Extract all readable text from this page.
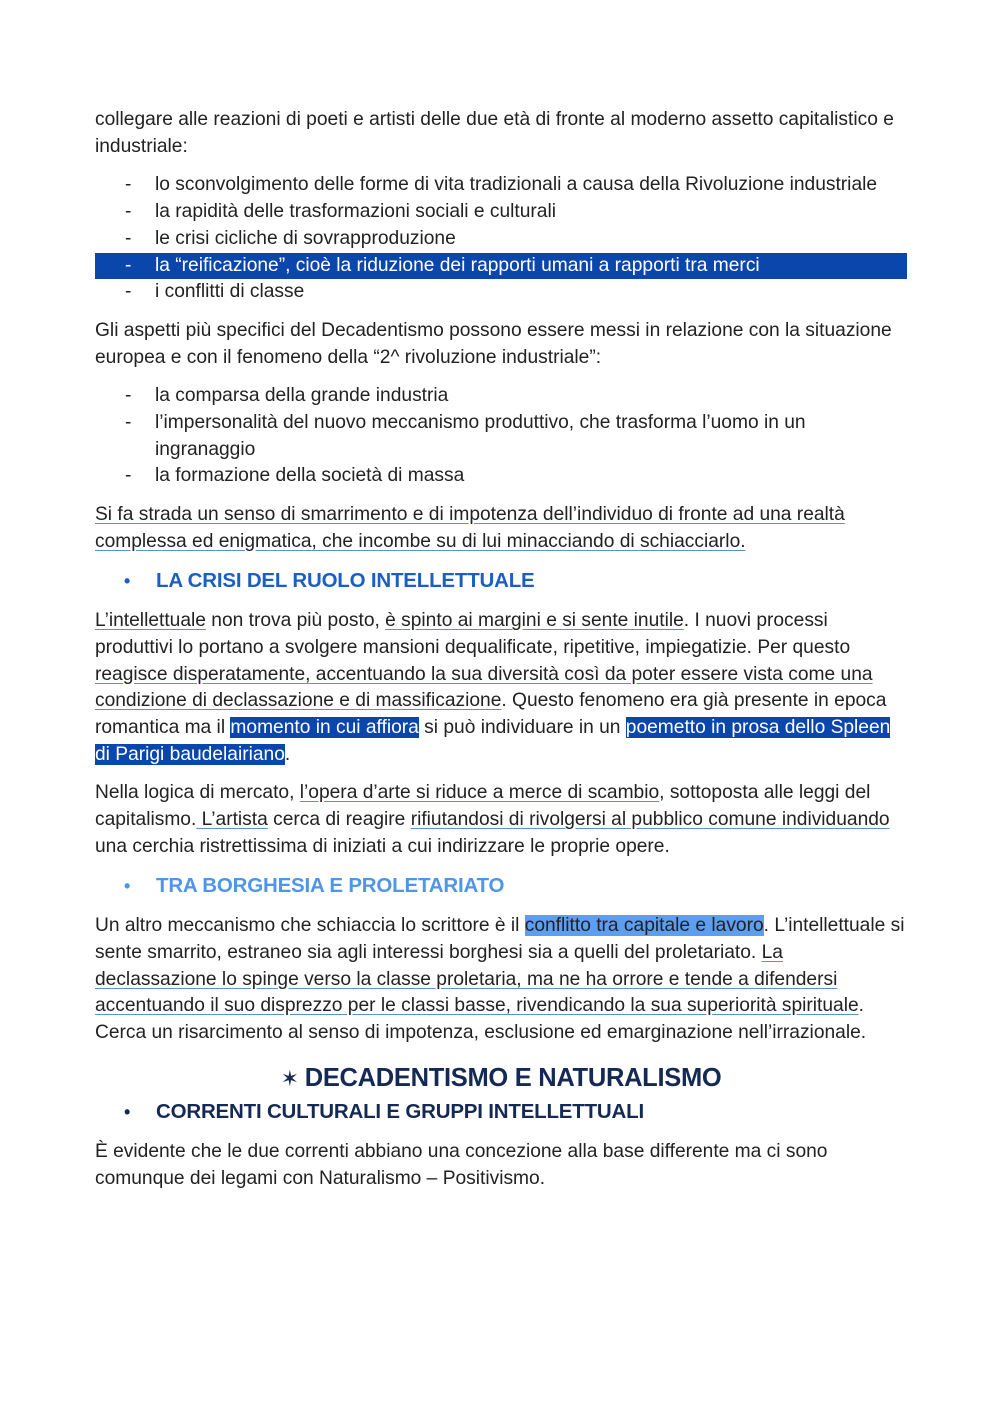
collegare alle reazioni di poeti e artisti delle due età di fronte al moderno assetto capitalistico e industriale:

- lo sconvolgimento delle forme di vita tradizionali a causa della Rivoluzione industriale
- la rapidità delle trasformazioni sociali e culturali
- le crisi cicliche di sovrapproduzione
- la “reificazione”, cioè la riduzione dei rapporti umani a rapporti tra merci
- i conflitti di classe

Gli aspetti più specifici del Decadentismo possono essere messi in relazione con la situazione europea e con il fenomeno della “2^ rivoluzione industriale”:

- la comparsa della grande industria
- l’impersonalità del nuovo meccanismo produttivo, che trasforma l’uomo in un ingranaggio
- la formazione della società di massa

Si fa strada un senso di smarrimento e di impotenza dell’individuo di fronte ad una realtà complessa ed enigmatica, che incombe su di lui minacciando di schiacciarlo.

• LA CRISI DEL RUOLO INTELLETTUALE

L’intellettuale non trova più posto, è spinto ai margini e si sente inutile. I nuovi processi produttivi lo portano a svolgere mansioni dequalificate, ripetitive, impiegatizie. Per questo reagisce disperatamente, accentuando la sua diversità così da poter essere vista come una condizione di declassazione e di massificazione. Questo fenomeno era già presente in epoca romantica ma il momento in cui affiora si può individuare in un poemetto in prosa dello Spleen di Parigi baudelairiano.

Nella logica di mercato, l’opera d’arte si riduce a merce di scambio, sottoposta alle leggi del capitalismo. L’artista cerca di reagire rifiutandosi di rivolgersi al pubblico comune individuando una cerchia ristrettissima di iniziati a cui indirizzare le proprie opere.

• TRA BORGHESIA E PROLETARIATO

Un altro meccanismo che schiaccia lo scrittore è il conflitto tra capitale e lavoro. L’intellettuale si sente smarrito, estraneo sia agli interessi borghesi sia a quelli del proletariato. La declassazione lo spinge verso la classe proletaria, ma ne ha orrore e tende a difendersi accentuando il suo disprezzo per le classi basse, rivendicando la sua superiorità spirituale. Cerca un risarcimento al senso di impotenza, esclusione ed emarginazione nell’irrazionale.

✶ DECADENTISMO E NATURALISMO
• CORRENTI CULTURALI E GRUPPI INTELLETTUALI

È evidente che le due correnti abbiano una concezione alla base differente ma ci sono comunque dei legami con Naturalismo – Positivismo.
